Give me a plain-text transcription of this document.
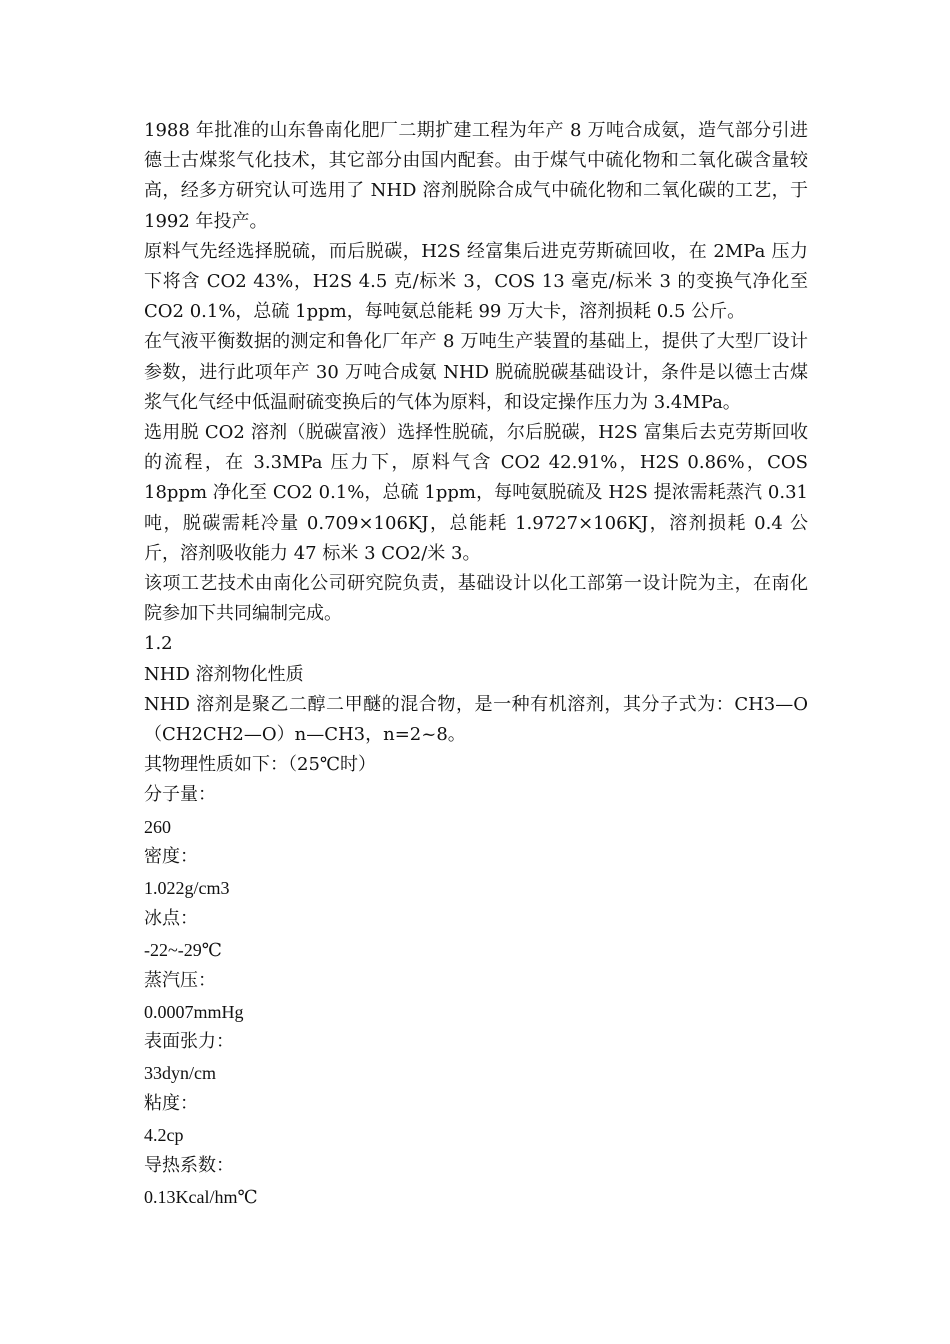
1988 年批准的山东鲁南化肥厂二期扩建工程为年产 8 万吨合成氨，造气部分引进德士古煤浆气化技术，其它部分由国内配套。由于煤气中硫化物和二氧化碳含量较高，经多方研究认可选用了 NHD 溶剂脱除合成气中硫化物和二氧化碳的工艺，于 1992 年投产。

原料气先经选择脱硫，而后脱碳，H2S 经富集后进克劳斯硫回收，在 2MPa 压力下将含 CO2 43%，H2S 4.5 克/标米 3，COS 13 毫克/标米 3 的变换气净化至 CO2 0.1%，总硫 1ppm，每吨氨总能耗 99 万大卡，溶剂损耗 0.5 公斤。

在气液平衡数据的测定和鲁化厂年产 8 万吨生产装置的基础上，提供了大型厂设计参数，进行此项年产 30 万吨合成氨 NHD 脱硫脱碳基础设计，条件是以德士古煤浆气化气经中低温耐硫变换后的气体为原料，和设定操作压力为 3.4MPa。

选用脱 CO2 溶剂（脱碳富液）选择性脱硫，尔后脱碳，H2S 富集后去克劳斯回收的流程，在 3.3MPa 压力下，原料气含 CO2 42.91%，H2S 0.86%，COS 18ppm 净化至 CO2 0.1%，总硫 1ppm，每吨氨脱硫及 H2S 提浓需耗蒸汽 0.31 吨，脱碳需耗冷量 0.709×106KJ，总能耗 1.9727×106KJ，溶剂损耗 0.4 公斤，溶剂吸收能力 47 标米 3 CO2/米 3。

该项工艺技术由南化公司研究院负责，基础设计以化工部第一设计院为主，在南化院参加下共同编制完成。

1.2

NHD 溶剂物化性质

NHD 溶剂是聚乙二醇二甲醚的混合物，是一种有机溶剂，其分子式为：CH3—O（CH2CH2—O）n—CH3，n=2~8。

其物理性质如下：（25℃时）

分子量：

260

密度：

1.022g/cm3

冰点：

-22~-29℃

蒸汽压：

0.0007mmHg

表面张力：

33dyn/cm

粘度：

4.2cp

导热系数：

0.13Kcal/hm℃
